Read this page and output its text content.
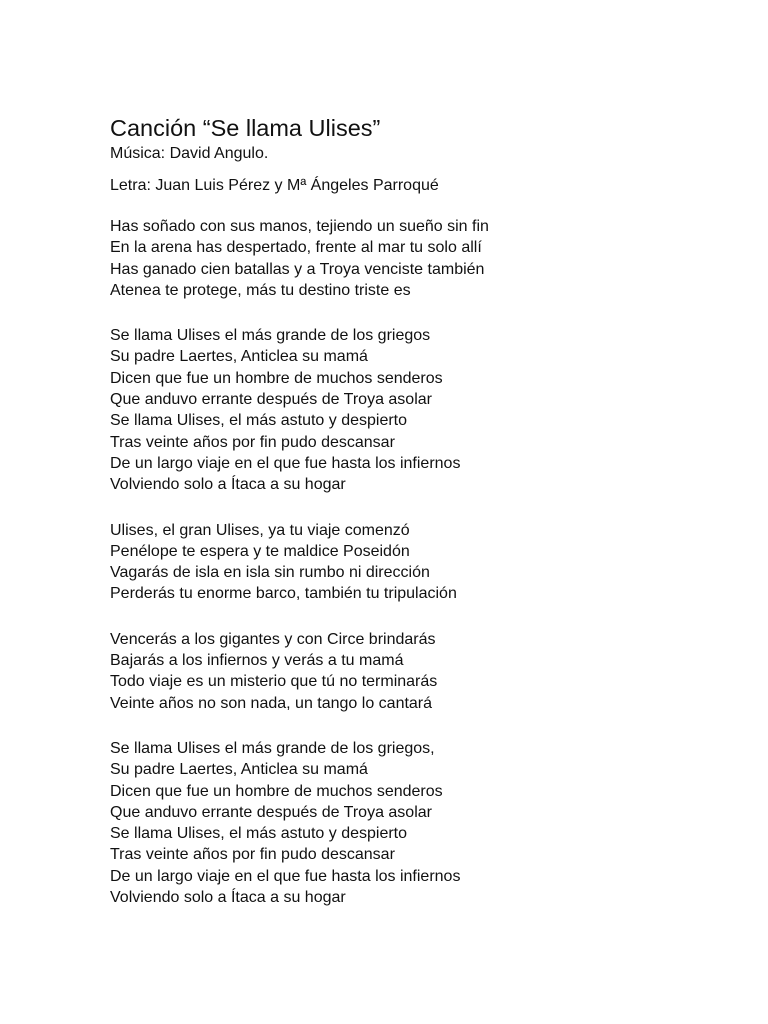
Canción “Se llama Ulises”

Música: David Angulo.

Letra: Juan Luis Pérez y Mª Ángeles Parroqué

Has soñado con sus manos, tejiendo un sueño sin fin
En la arena has despertado, frente al mar tu solo allí
Has ganado cien batallas y a Troya venciste también
Atenea te protege, más tu destino triste es
Se llama Ulises el más grande de los griegos
Su padre Laertes, Anticlea su mamá
Dicen que fue un hombre de muchos senderos
Que anduvo errante después de Troya asolar
Se llama Ulises, el más astuto y despierto
Tras veinte años por fin pudo descansar
De un largo viaje en el que fue hasta los infiernos
Volviendo solo a Ítaca a su hogar
Ulises, el gran Ulises, ya tu viaje comenzó
Penélope te espera y te maldice Poseidón
Vagarás de isla en isla sin rumbo ni dirección
Perderás tu enorme barco, también tu tripulación
Vencerás a los gigantes y con Circe brindarás
Bajarás a los infiernos y verás a tu mamá
Todo viaje es un misterio que tú no terminarás
Veinte años no son nada, un tango lo cantará
Se llama Ulises el más grande de los griegos,
Su padre Laertes, Anticlea su mamá
Dicen que fue un hombre de muchos senderos
Que anduvo errante después de Troya asolar
Se llama Ulises, el más astuto y despierto
Tras veinte años por fin pudo descansar
De un largo viaje en el que fue hasta los infiernos
Volviendo solo a Ítaca a su hogar
